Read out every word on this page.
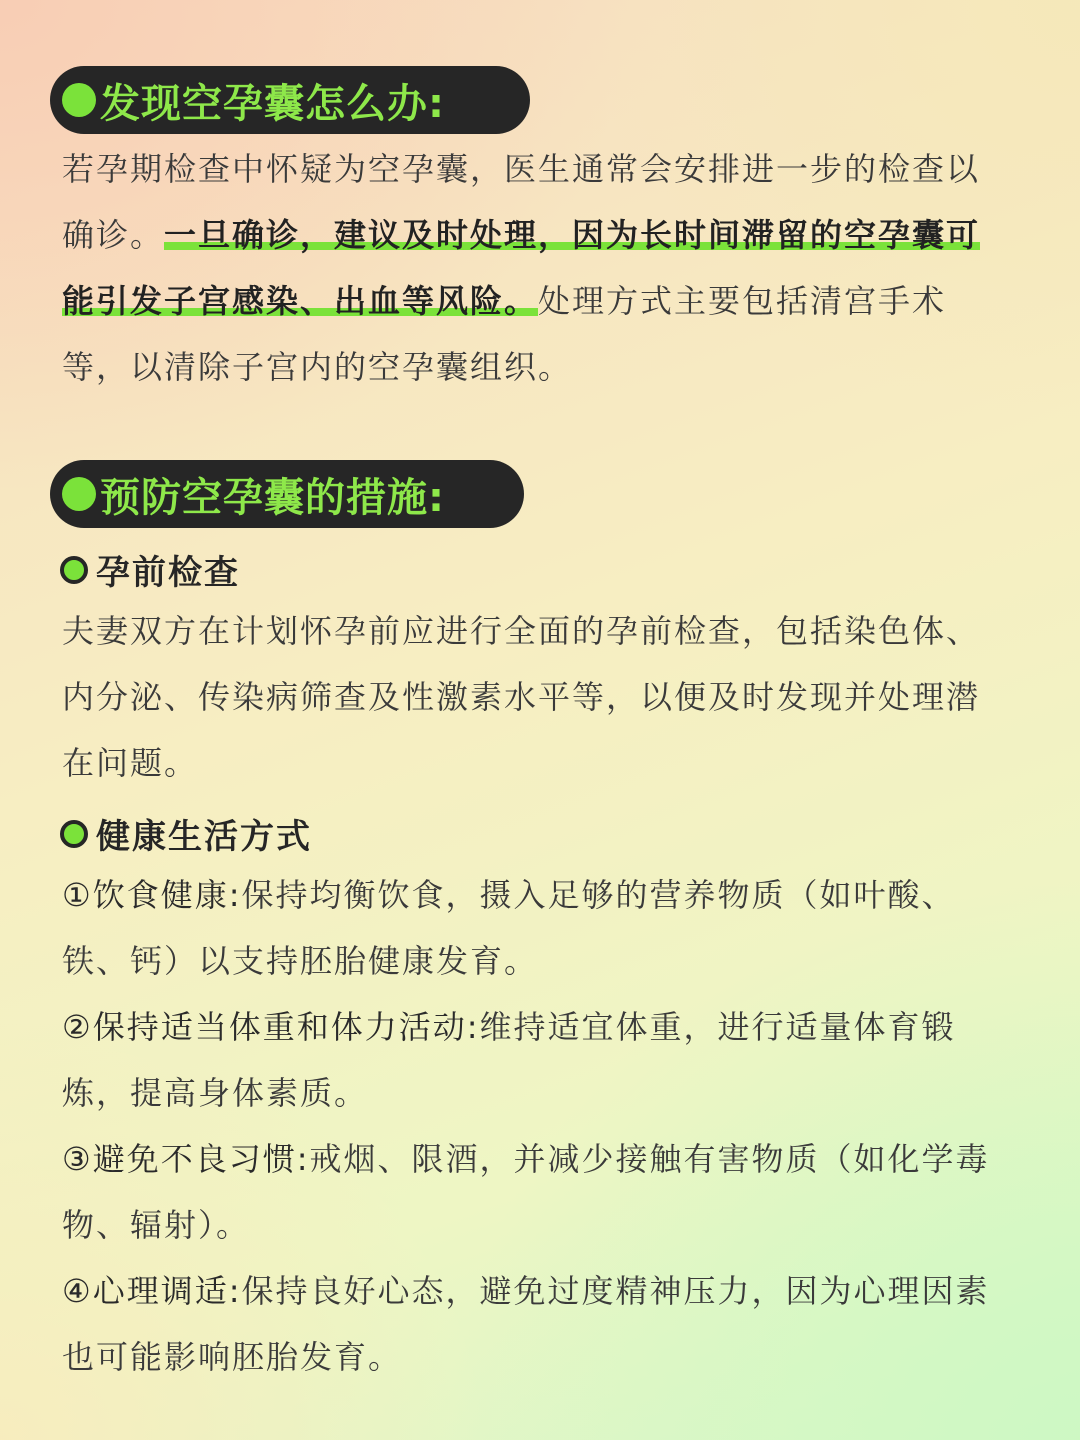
发现空孕囊怎么办:

若孕期检查中怀疑为空孕囊，医生通常会安排进一步的检查以确诊。一旦确诊，建议及时处理，因为长时间滞留的空孕囊可能引发子宫感染、出血等风险。处理方式主要包括清宫手术等，以清除子宫内的空孕囊组织。

预防空孕囊的措施:
孕前检查

夫妻双方在计划怀孕前应进行全面的孕前检查，包括染色体、内分泌、传染病筛查及性激素水平等，以便及时发现并处理潜在问题。

健康生活方式

①饮食健康:保持均衡饮食，摄入足够的营养物质（如叶酸、铁、钙）以支持胚胎健康发育。

②保持适当体重和体力活动:维持适宜体重，进行适量体育锻炼，提高身体素质。

③避免不良习惯:戒烟、限酒，并减少接触有害物质（如化学毒物、辐射）。

④心理调适:保持良好心态，避免过度精神压力，因为心理因素也可能影响胚胎发育。
